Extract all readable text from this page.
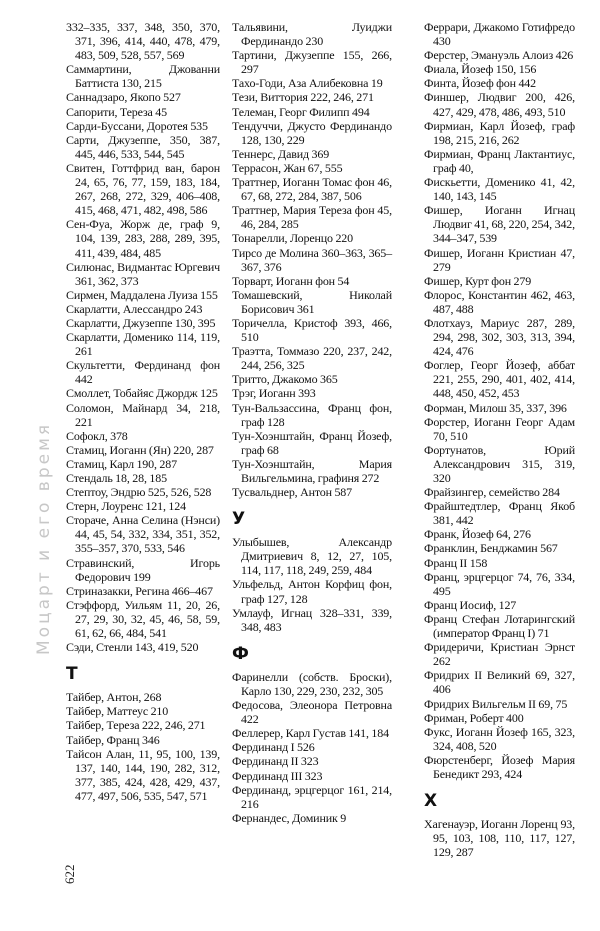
Моцарт и его время
622
332–335, 337, 348, 350, 370, 371, 396, 414, 440, 478, 479, 483, 509, 528, 557, 569
Саммартини, Джованни Баттиста 130, 215
Саннадзаро, Якопо 527
Сапорити, Тереза 45
Сарди-Буссани, Доротея 535
Сарти, Джузеппе, 350, 387, 445, 446, 533, 544, 545
Свитен, Готтфрид ван, барон 24, 65, 76, 77, 159, 183, 184, 267, 268, 272, 329, 406–408, 415, 468, 471, 482, 498, 586
Сен-Фуа, Жорж де, граф 9, 104, 139, 283, 288, 289, 395, 411, 439, 484, 485
Силюнас, Видмантас Юргевич 361, 362, 373
Сирмен, Маддалена Луиза 155
Скарлатти, Алессандро 243
Скарлатти, Джузеппе 130, 395
Скарлатти, Доменико 114, 119, 261
Скультетти, Фердинанд фон 442
Смоллет, Тобайяс Джордж 125
Соломон, Майнард 34, 218, 221
Софокл, 378
Стамиц, Иоганн (Ян) 220, 287
Стамиц, Карл 190, 287
Стендаль 18, 28, 185
Стептоу, Эндрю 525, 526, 528
Стерн, Лоуренс 121, 124
Сторачe, Анна Селина (Нэнси) 44, 45, 54, 332, 334, 351, 352, 355–357, 370, 533, 546
Стравинский, Игорь Федорович 199
Стриназакки, Регина 466–467
Стэффорд, Уильям 11, 20, 26, 27, 29, 30, 32, 45, 46, 58, 59, 61, 62, 66, 484, 541
Сэди, Стенли 143, 419, 520
Т
Тайбер, Антон, 268
Тайбер, Маттеус 210
Тайбер, Тереза 222, 246, 271
Тайбер, Франц 346
Тайсон Алан, 11, 95, 100, 139, 137, 140, 144, 190, 282, 312, 377, 385, 424, 428, 429, 437, 477, 497, 506, 535, 547, 571
Тальявини, Луиджи Фердинандо 230
Тартини, Джузеппе 155, 266, 297
Тахо-Годи, Аза Алибековна 19
Тези, Виттория 222, 246, 271
Телеман, Георг Филипп 494
Тендуччи, Джусто Фердинандо 128, 130, 229
Теннерс, Давид 369
Террасон, Жан 67, 555
Траттнер, Иоганн Томас фон 46, 67, 68, 272, 284, 387, 506
Траттнер, Мария Тереза фон 45, 46, 284, 285
Тонарелли, Лоренцо 220
Тирсо де Молина 360–363, 365–367, 376
Торварт, Иоганн фон 54
Томашевский, Николай Борисович 361
Торичелла, Кристоф 393, 466, 510
Траэтта, Томмазо 220, 237, 242, 244, 256, 325
Тритто, Джакомо 365
Трэг, Иоганн 393
Тун-Вальзассина, Франц фон, граф 128
Тун-Хоэнштайн, Франц Йозеф, граф 68
Тун-Хоэнштайн, Мария Вильгельмина, графиня 272
Тусвальднер, Антон 587
У
Улыбышев, Александр Дмитриевич 8, 12, 27, 105, 114, 117, 118, 249, 259, 484
Ульфельд, Антон Корфиц фон, граф 127, 128
Умлауф, Игнац 328–331, 339, 348, 483
Ф
Фаринелли (собств. Броски), Карло 130, 229, 230, 232, 305
Федосова, Элеонора Петровна 422
Феллерер, Карл Густав 141, 184
Фердинанд I 526
Фердинанд II 323
Фердинанд III 323
Фердинанд, эрцгерцог 161, 214, 216
Фернандес, Доминик 9
Феррари, Джакомо Готифредо 430
Ферстер, Эмануэль Алоиз 426
Фиала, Йозеф 150, 156
Финта, Йозеф фон 442
Финшер, Людвиг 200, 426, 427, 429, 478, 486, 493, 510
Фирмиан, Карл Йозеф, граф 198, 215, 216, 262
Фирмиан, Франц Лактантиус, граф 40,
Фискьетти, Доменико 41, 42, 140, 143, 145
Фишер, Иоганн Игнац Людвиг 41, 68, 220, 254, 342, 344–347, 539
Фишер, Иоганн Кристиан 47, 279
Фишер, Курт фон 279
Флорос, Константин 462, 463, 487, 488
Флотхауз, Мариус 287, 289, 294, 298, 302, 303, 313, 394, 424, 476
Фоглер, Георг Йозеф, аббат 221, 255, 290, 401, 402, 414, 448, 450, 452, 453
Форман, Милош 35, 337, 396
Форстер, Иоганн Георг Адам 70, 510
Фортунатов, Юрий Александрович 315, 319, 320
Фрайзингер, семейство 284
Фрайштедтлер, Франц Якоб 381, 442
Франк, Йозеф 64, 276
Франклин, Бенджамин 567
Франц II 158
Франц, эрцгерцог 74, 76, 334, 495
Франц Иосиф, 127
Франц Стефан Лотарингский (император Франц I) 71
Фридеричи, Кристиан Эрнст 262
Фридрих II Великий 69, 327, 406
Фридрих Вильгельм II 69, 75
Фриман, Роберт 400
Фукс, Иоганн Йозеф 165, 323, 324, 408, 520
Фюрстенберг, Йозеф Мария Бенедикт 293, 424
Х
Хагенауэр, Иоганн Лоренц 93, 95, 103, 108, 110, 117, 127, 129, 287
